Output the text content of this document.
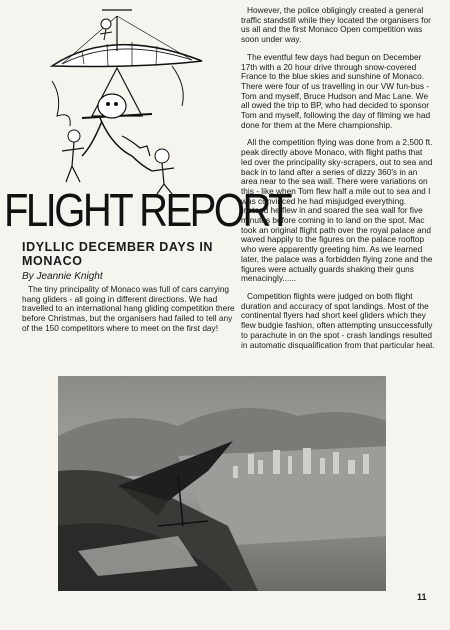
FLIGHT REPORT
IDYLLIC DECEMBER DAYS IN MONACO
By Jeannie Knight

The tiny principality of Monaco was full of cars carrying hang gliders - all going in different directions. We had travelled to an international hang gliding competition there before Christmas, but the organisers had failed to tell any of the 150 competitors where to meet on the first day!

However, the police obligingly created a general traffic standstill while they located the organisers for us all and the first Monaco Open competition was soon under way.

The eventful few days had begun on December 17th with a 20 hour drive through snow-covered France to the blue skies and sunshine of Monaco. There were four of us travelling in our VW fun-bus - Tom and myself, Bruce Hudson and Mac Lane. We all owed the trip to BP, who had decided to sponsor Tom and myself, following the day of filming we had done for them at the Mere championship.

All the competition flying was done from a 2,500 ft. peak directly above Monaco, with flight paths that led over the principality sky-scrapers, out to sea and back in to land after a series of dizzy 360's in an area near to the sea wall. There were variations on this - like when Tom flew half a mile out to sea and I was convinced he had misjudged everything. Instead he flew in and soared the sea wall for five minutes before coming in to land on the spot. Mac took an original flight path over the royal palace and waved happily to the figures on the palace rooftop who were apparently greeting him. As we learned later, the palace was a forbidden flying zone and the figures were actually guards shaking their guns menacingly......

Competition flights were judged on both flight duration and accuracy of spot landings. Most of the continental flyers had short keel gliders which they flew budgie fashion, often attempting unsuccessfully to parachute in on the spot - crash landings resulted in automatic disqualification from that particular heat.

11
